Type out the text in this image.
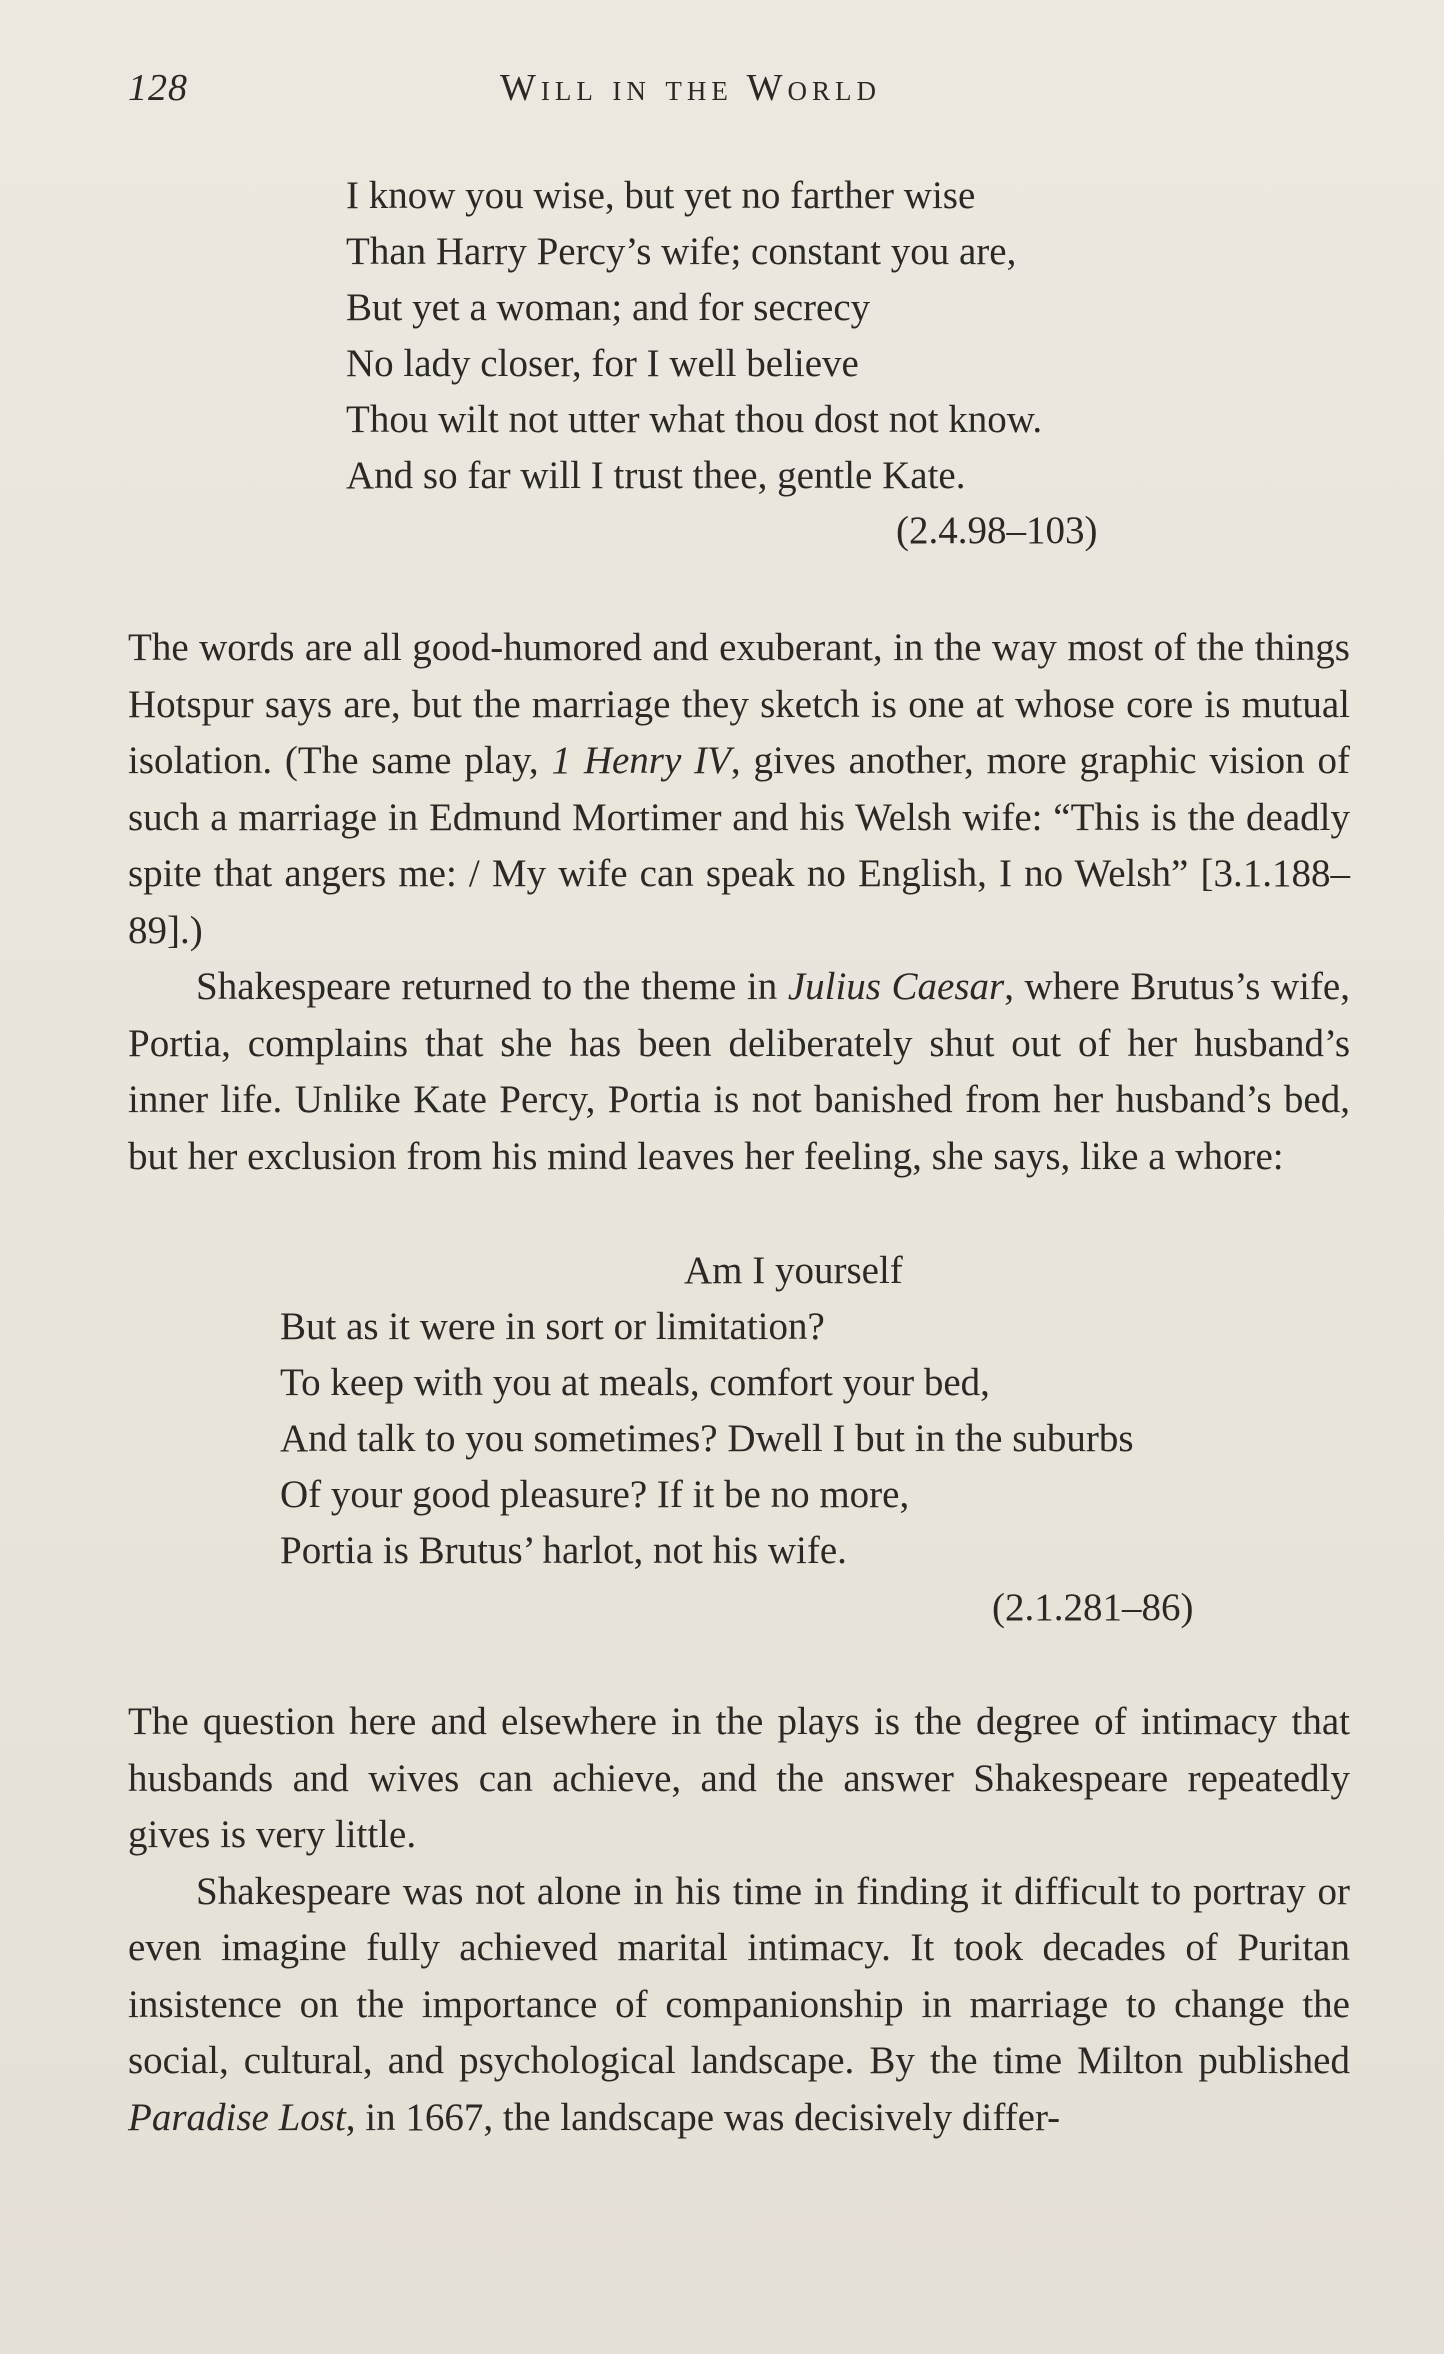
128	Will in the World
I know you wise, but yet no farther wise
Than Harry Percy’s wife; constant you are,
But yet a woman; and for secrecy
No lady closer, for I well believe
Thou wilt not utter what thou dost not know.
And so far will I trust thee, gentle Kate.
(2.4.98–103)

The words are all good-humored and exuberant, in the way most of the things Hotspur says are, but the marriage they sketch is one at whose core is mutual isolation. (The same play, 1 Henry IV, gives another, more graphic vision of such a marriage in Edmund Mortimer and his Welsh wife: “This is the deadly spite that angers me: / My wife can speak no English, I no Welsh” [3.1.188–89].)

Shakespeare returned to the theme in Julius Caesar, where Brutus’s wife, Portia, complains that she has been deliberately shut out of her husband’s inner life. Unlike Kate Percy, Portia is not banished from her husband’s bed, but her exclusion from his mind leaves her feeling, she says, like a whore:

Am I yourself
But as it were in sort or limitation?
To keep with you at meals, comfort your bed,
And talk to you sometimes? Dwell I but in the suburbs
Of your good pleasure? If it be no more,
Portia is Brutus’ harlot, not his wife.
(2.1.281–86)

The question here and elsewhere in the plays is the degree of intimacy that husbands and wives can achieve, and the answer Shakespeare repeatedly gives is very little.

Shakespeare was not alone in his time in finding it difficult to portray or even imagine fully achieved marital intimacy. It took decades of Puritan insistence on the importance of companionship in marriage to change the social, cultural, and psychological landscape. By the time Milton published Paradise Lost, in 1667, the landscape was decisively differ-
